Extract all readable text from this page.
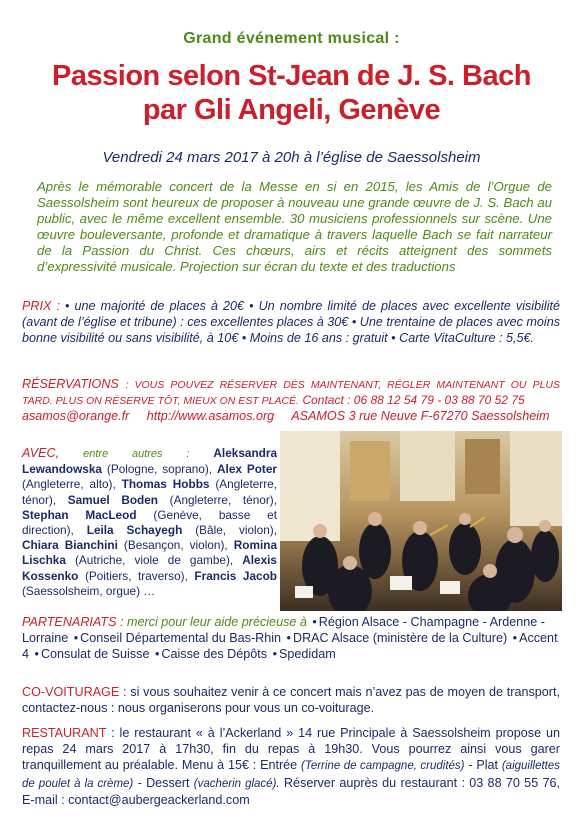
Grand événement musical :
Passion selon St-Jean de J. S. Bach
par Gli Angeli, Genève
Vendredi 24 mars 2017 à 20h à l’église de Saessolsheim
Après le mémorable concert de la Messe en si en 2015, les Amis de l’Orgue de Saessolsheim sont heureux de proposer à nouveau une grande œuvre de J. S. Bach au public, avec le même excellent ensemble. 30 musiciens professionnels sur scène. Une œuvre bouleversante, profonde et dramatique à travers laquelle Bach se fait narrateur de la Passion du Christ. Ces chœurs, airs et récits atteignent des sommets d’expressivité musicale. Projection sur écran du texte et des traductions
PRIX : • une majorité de places à 20€ • Un nombre limité de places avec excellente visibilité (avant de l’église et tribune) : ces excellentes places à 30€ • Une trentaine de places avec moins bonne visibilité ou sans visibilité, à 10€ • Moins de 16 ans : gratuit • Carte VitaCulture : 5,5€.
RÉSERVATIONS : VOUS POUVEZ RÉSERVER DÈS MAINTENANT, RÉGLER MAINTENANT OU PLUS TARD. PLUS ON RÉSERVE TÔT, MIEUX ON EST PLACÉ. Contact : 06 88 12 54 79 - 03 88 70 52 75
asamos@orange.fr http://www.asamos.org ASAMOS 3 rue Neuve F-67270 Saessolsheim
AVEC, entre autres : Aleksandra Lewandowska (Pologne, soprano), Alex Poter (Angleterre, alto), Thomas Hobbs (Angleterre, ténor), Samuel Boden (Angleterre, ténor), Stephan MacLeod (Genève, basse et direction), Leila Schayegh (Bâle, violon), Chiara Bianchini (Besançon, violon), Romina Lischka (Autriche, viole de gambe), Alexis Kossenko (Poitiers, traverso), Francis Jacob (Saessolsheim, orgue) …
PARTENARIATS : merci pour leur aide précieuse à • Région Alsace - Champagne - Ardenne - Lorraine • Conseil Départemental du Bas-Rhin • DRAC Alsace (ministère de la Culture) • Accent 4 • Consulat de Suisse • Caisse des Dépôts • Spedidam
CO-VOITURAGE : si vous souhaitez venir à ce concert mais n’avez pas de moyen de transport, contactez-nous : nous organiserons pour vous un co-voiturage.
RESTAURANT : le restaurant « à l’Ackerland » 14 rue Principale à Saessolsheim propose un repas 24 mars 2017 à 17h30, fin du repas à 19h30. Vous pourrez ainsi vous garer tranquillement au préalable. Menu à 15€ : Entrée (Terrine de campagne, crudités) - Plat (aiguillettes de poulet à la crème) - Dessert (vacherin glacé). Réserver auprès du restaurant : 03 88 70 55 76, E-mail : contact@aubergeackerland.com
